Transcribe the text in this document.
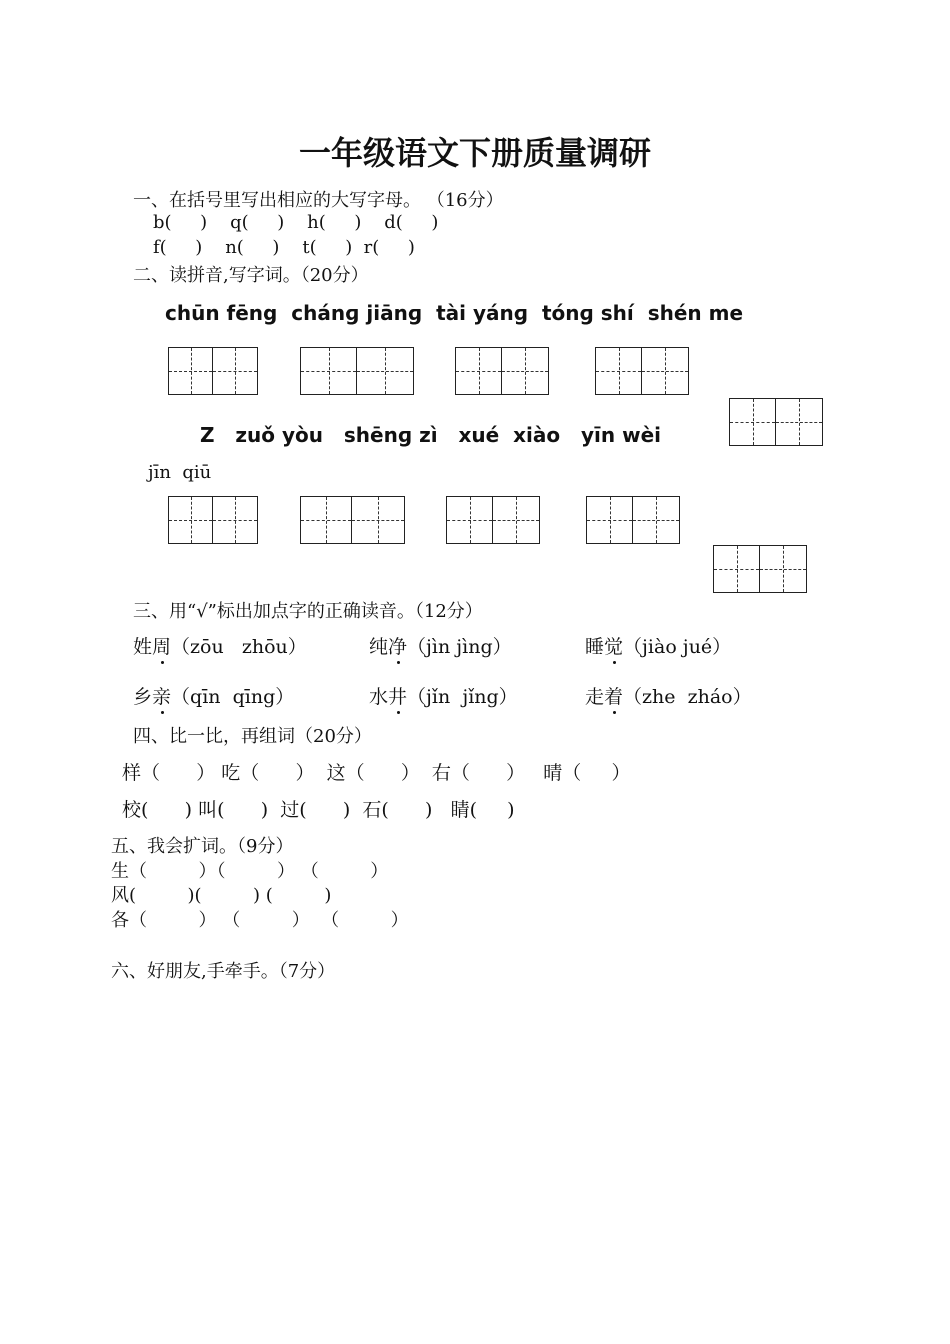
一年级语文下册质量调研
一、在括号里写出相应的大写字母。 （16分）
b(     )    q(     )    h(     )    d(     )
f(     )    n(     )    t(     )  r(     )
二、读拼音,写字词。（20分）
chūn fēng  chánɡ jiānɡ  tài yánɡ  tónɡ shí  shén me
Z   zuǒ yòu   shēnɡ zì   xué  xiào   yīn wèi
jīn  qiū
三、用“√”标出加点字的正确读音。（12分）
姓周（zōu   zhōu）	纯净（jìn jìng）	睡觉（jiào jué）
乡亲（qīn  qīng）	水井（jǐn  jǐng）	走着（zhe  zháo）
四、比一比，再组词（20分）
样（      ） 吃（      ）  这（      ）  右（      ）   晴（     ）
校(      ) 叫(      )  过(      )  石(      )   睛(     )
五、我会扩词。（9分）
生（         ）（         ） （         ）
风(         )(         ) (         )
各（         ） （         ）  （         ）
六、好朋友,手牵手。（7分）
